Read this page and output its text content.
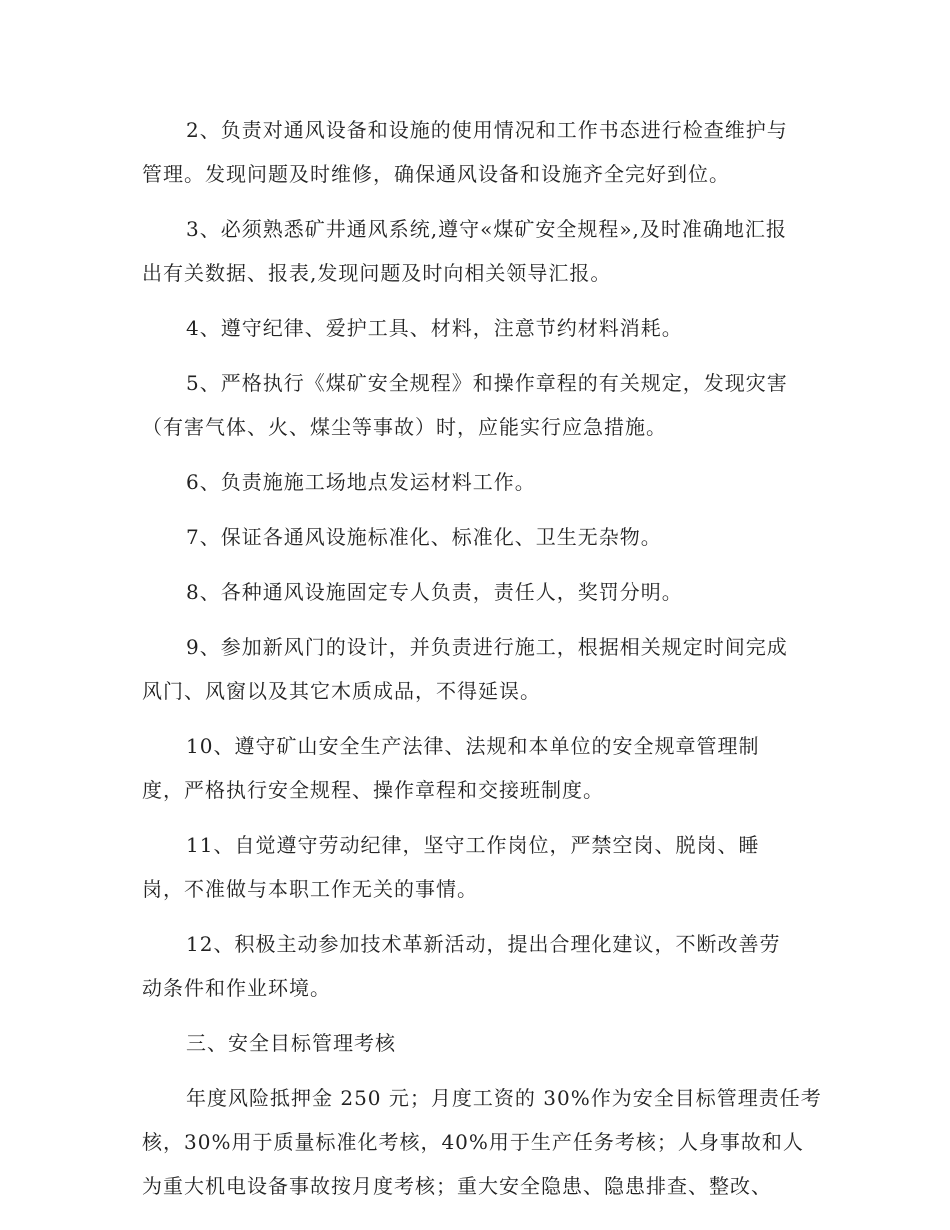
2、负责对通风设备和设施的使用情况和工作书态进行检查维护与
管理。发现问题及时维修，确保通风设备和设施齐全完好到位。
3、必须熟悉矿井通风系统,遵守«煤矿安全规程»,及时准确地汇报
出有关数据、报表,发现问题及时向相关领导汇报。
4、遵守纪律、爱护工具、材料，注意节约材料消耗。
5、严格执行《煤矿安全规程》和操作章程的有关规定，发现灾害
（有害气体、火、煤尘等事故）时，应能实行应急措施。
6、负责施施工场地点发运材料工作。
7、保证各通风设施标准化、标准化、卫生无杂物。
8、各种通风设施固定专人负责，责任人，奖罚分明。
9、参加新风门的设计，并负责进行施工，根据相关规定时间完成
风门、风窗以及其它木质成品，不得延误。
10、遵守矿山安全生产法律、法规和本单位的安全规章管理制
度，严格执行安全规程、操作章程和交接班制度。
11、自觉遵守劳动纪律，坚守工作岗位，严禁空岗、脱岗、睡
岗，不准做与本职工作无关的事情。
12、积极主动参加技术革新活动，提出合理化建议，不断改善劳
动条件和作业环境。
三、安全目标管理考核
年度风险抵押金 250 元；月度工资的 30%作为安全目标管理责任考
核，30%用于质量标准化考核，40%用于生产任务考核；人身事故和人
为重大机电设备事故按月度考核；重大安全隐患、隐患排查、整改、
